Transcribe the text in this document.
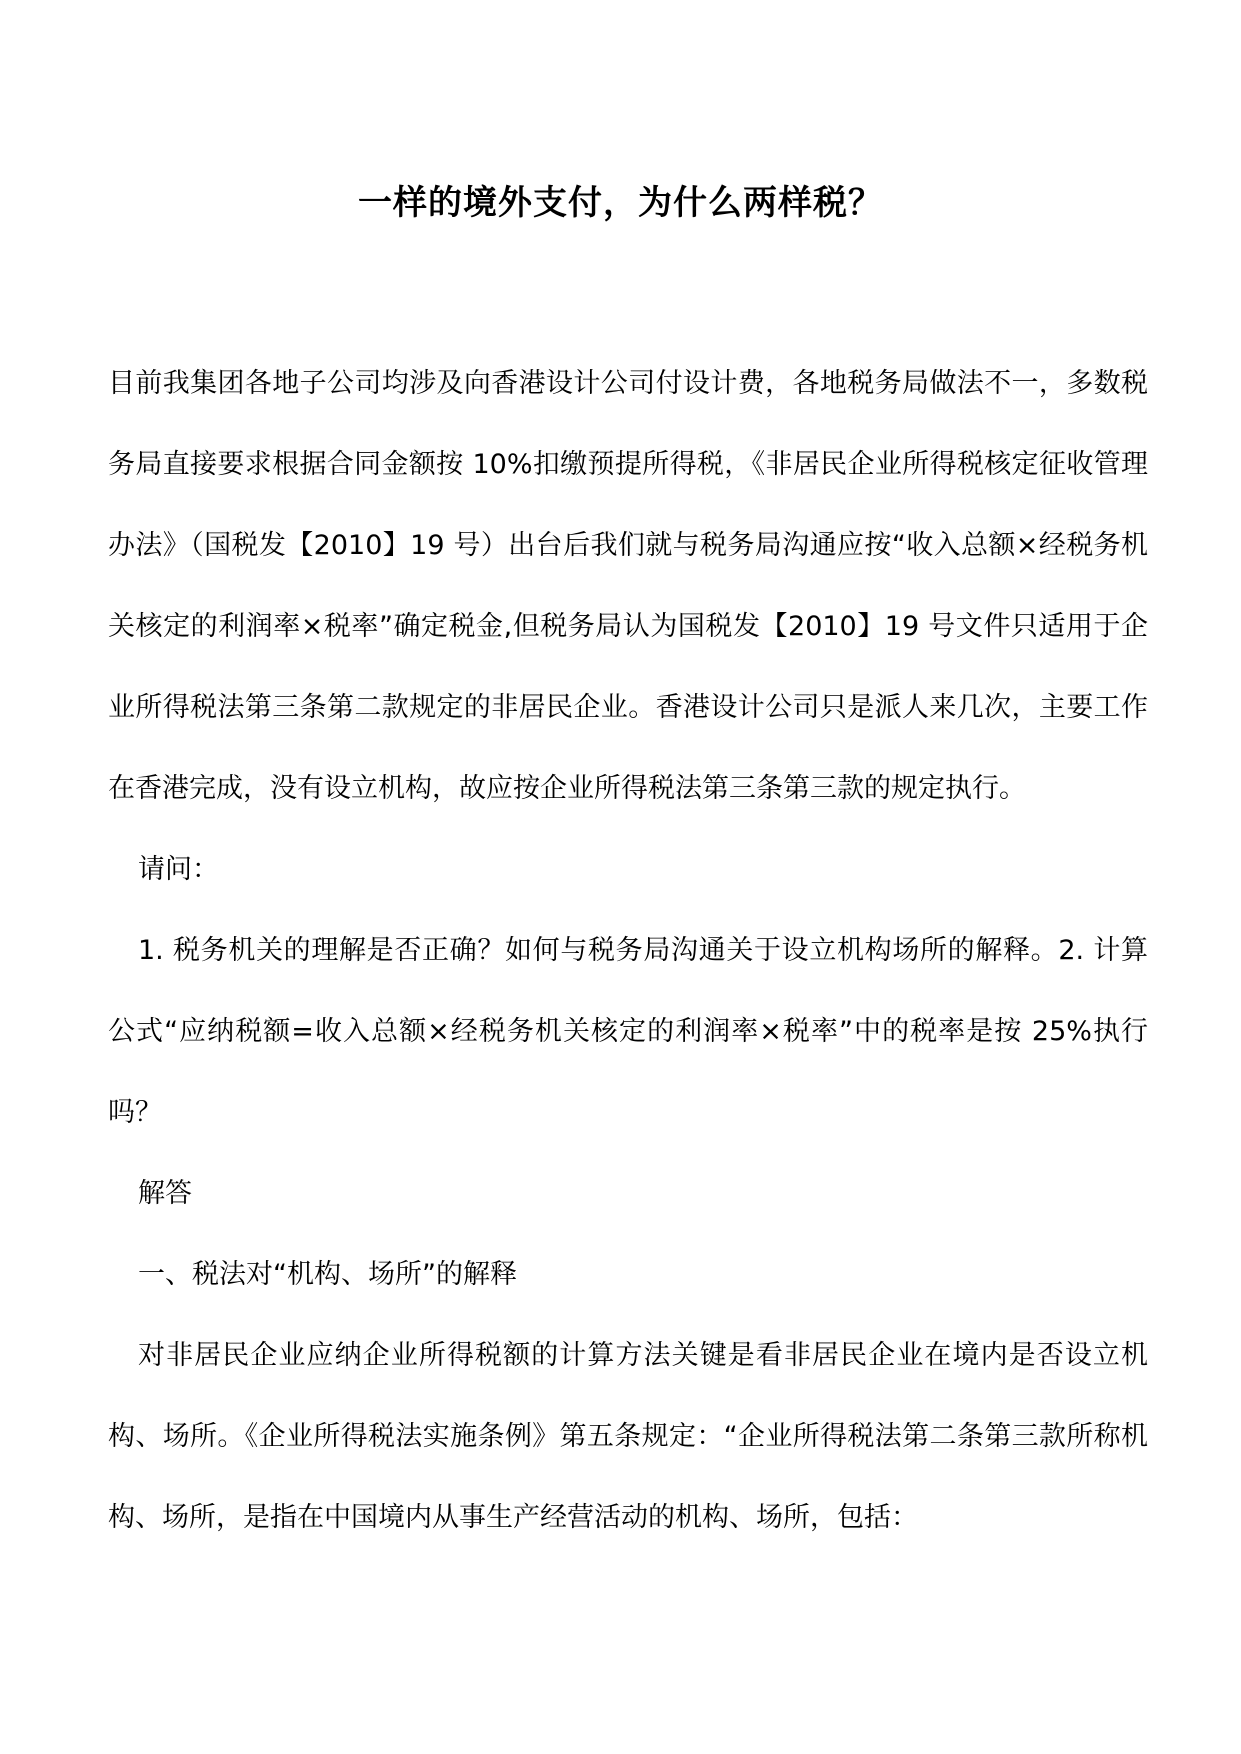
一样的境外支付，为什么两样税？

目前我集团各地子公司均涉及向香港设计公司付设计费，各地税务局做法不一，多数税务局直接要求根据合同金额按 10%扣缴预提所得税，《非居民企业所得税核定征收管理办法》（国税发【2010】19 号）出台后我们就与税务局沟通应按“收入总额×经税务机关核定的利润率×税率”确定税金,但税务局认为国税发【2010】19 号文件只适用于企业所得税法第三条第二款规定的非居民企业。香港设计公司只是派人来几次，主要工作在香港完成，没有设立机构，故应按企业所得税法第三条第三款的规定执行。

请问：

1. 税务机关的理解是否正确？如何与税务局沟通关于设立机构场所的解释。2. 计算公式“应纳税额=收入总额×经税务机关核定的利润率×税率”中的税率是按 25%执行吗？

解答

一、税法对“机构、场所”的解释

对非居民企业应纳企业所得税额的计算方法关键是看非居民企业在境内是否设立机构、场所。《企业所得税法实施条例》第五条规定：“企业所得税法第二条第三款所称机构、场所，是指在中国境内从事生产经营活动的机构、场所，包括：
